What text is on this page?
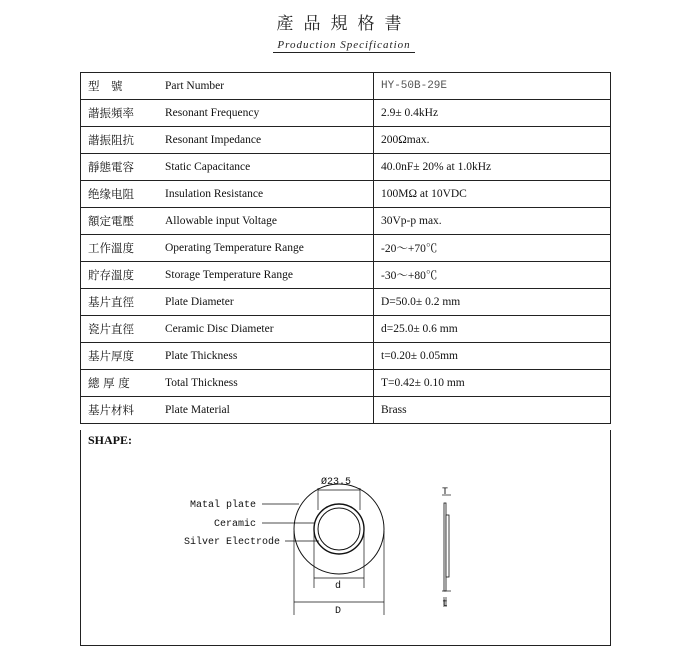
產品規格書
Production Specification
型　號	Part Number	HY-50B-29E
諧振頻率	Resonant Frequency	2.9± 0.4kHz
諧振阻抗	Resonant Impedance	200Ωmax.
靜態電容	Static Capacitance	40.0nF± 20% at 1.0kHz
绝缘电阻	Insulation Resistance	100MΩ at 10VDC
額定電壓	Allowable input Voltage	30Vp-p max.
工作溫度	Operating Temperature Range	-20～+70℃
貯存溫度	Storage Temperature Range	-30～+80℃
基片直徑	Plate Diameter	D=50.0± 0.2 mm
瓷片直徑	Ceramic Disc Diameter	d=25.0± 0.6 mm
基片厚度	Plate Thickness	t=0.20± 0.05mm
總 厚 度	Total Thickness	T=0.42± 0.10 mm
基片材料	Plate Material	Brass
SHAPE:
Ø23.5
d
D
Matal plate
Ceramic
Silver Electrode
T
t
